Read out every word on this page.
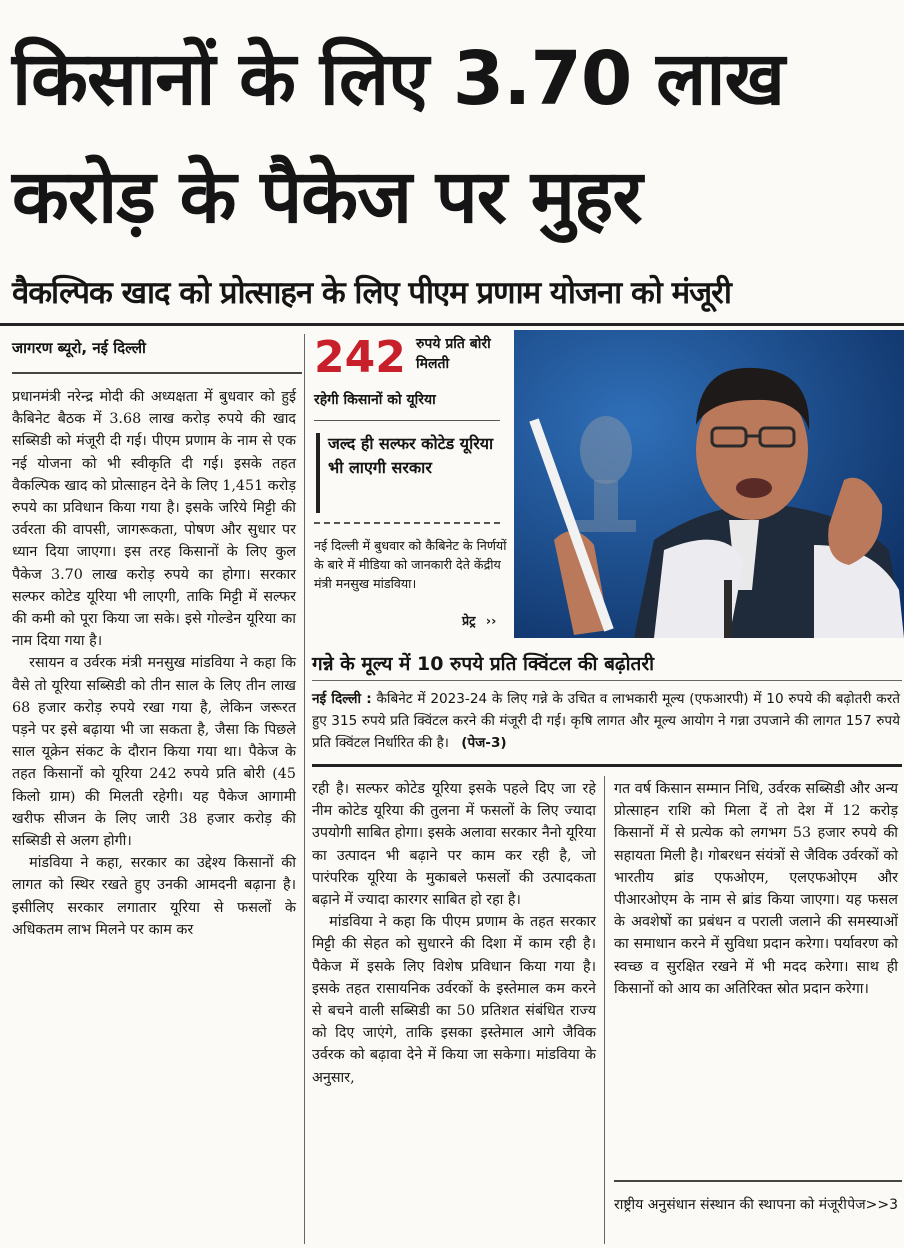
किसानों के लिए 3.70 लाख करोड़ के पैकेज पर मुहर
वैकल्पिक खाद को प्रोत्साहन के लिए पीएम प्रणाम योजना को मंजूरी
जागरण ब्यूरो, नई दिल्ली

प्रधानमंत्री नरेन्द्र मोदी की अध्यक्षता में बुधवार को हुई कैबिनेट बैठक में 3.68 लाख करोड़ रुपये की खाद सब्सिडी को मंजूरी दी गई। पीएम प्रणाम के नाम से एक नई योजना को भी स्वीकृति दी गई। इसके तहत वैकल्पिक खाद को प्रोत्साहन देने के लिए 1,451 करोड़ रुपये का प्रविधान किया गया है। इसके जरिये मिट्टी की उर्वरता की वापसी, जागरूकता, पोषण और सुधार पर ध्यान दिया जाएगा। इस तरह किसानों के लिए कुल पैकेज 3.70 लाख करोड़ रुपये का होगा। सरकार सल्फर कोटेड यूरिया भी लाएगी, ताकि मिट्टी में सल्फर की कमी को पूरा किया जा सके। इसे गोल्डेन यूरिया का नाम दिया गया है।

रसायन व उर्वरक मंत्री मनसुख मांडविया ने कहा कि वैसे तो यूरिया सब्सिडी को तीन साल के लिए तीन लाख 68 हजार करोड़ रुपये रखा गया है, लेकिन जरूरत पड़ने पर इसे बढ़ाया भी जा सकता है, जैसा कि पिछले साल यूक्रेन संकट के दौरान किया गया था। पैकेज के तहत किसानों को यूरिया 242 रुपये प्रति बोरी (45 किलो ग्राम) की मिलती रहेगी। यह पैकेज आगामी खरीफ सीजन के लिए जारी 38 हजार करोड़ की सब्सिडी से अलग होगी।

मांडविया ने कहा, सरकार का उद्देश्य किसानों की लागत को स्थिर रखते हुए उनकी आमदनी बढ़ाना है। इसीलिए सरकार लगातार यूरिया से फसलों के अधिकतम लाभ मिलने पर काम कर

242 रुपये प्रति बोरी मिलती
रहेगी किसानों को यूरिया
जल्द ही सल्फर कोटेड यूरिया भी लाएगी सरकार
नई दिल्ली में बुधवार को कैबिनेट के निर्णयों के बारे में मीडिया को जानकारी देते केंद्रीय मंत्री मनसुख मांडविया।
प्रेट्र ››
गन्ने के मूल्य में 10 रुपये प्रति क्विंटल की बढ़ोतरी
नई दिल्ली : कैबिनेट में 2023-24 के लिए गन्ने के उचित व लाभकारी मूल्य (एफआरपी) में 10 रुपये की बढ़ोतरी करते हुए 315 रुपये प्रति क्विंटल करने की मंजूरी दी गई। कृषि लागत और मूल्य आयोग ने गन्ना उपजाने की लागत 157 रुपये प्रति क्विंटल निर्धारित की है। (पेज-3)

रही है। सल्फर कोटेड यूरिया इसके पहले दिए जा रहे नीम कोटेड यूरिया की तुलना में फसलों के लिए ज्यादा उपयोगी साबित होगा। इसके अलावा सरकार नैनो यूरिया का उत्पादन भी बढ़ाने पर काम कर रही है, जो पारंपरिक यूरिया के मुकाबले फसलों की उत्पादकता बढ़ाने में ज्यादा कारगर साबित हो रहा है।

मांडविया ने कहा कि पीएम प्रणाम के तहत सरकार मिट्टी की सेहत को सुधारने की दिशा में काम रही है। पैकेज में इसके लिए विशेष प्रविधान किया गया है। इसके तहत रासायनिक उर्वरकों के इस्तेमाल कम करने से बचने वाली सब्सिडी का 50 प्रतिशत संबंधित राज्य को दिए जाएंगे, ताकि इसका इस्तेमाल आगे जैविक उर्वरक को बढ़ावा देने में किया जा सकेगा। मांडविया के अनुसार,

गत वर्ष किसान सम्मान निधि, उर्वरक सब्सिडी और अन्य प्रोत्साहन राशि को मिला दें तो देश में 12 करोड़ किसानों में से प्रत्येक को लगभग 53 हजार रुपये की सहायता मिली है। गोबरधन संयंत्रों से जैविक उर्वरकों को भारतीय ब्रांड एफओएम, एलएफओएम और पीआरओएम के नाम से ब्रांड किया जाएगा। यह फसल के अवशेषों का प्रबंधन व पराली जलाने की समस्याओं का समाधान करने में सुविधा प्रदान करेगा। पर्यावरण को स्वच्छ व सुरक्षित रखने में भी मदद करेगा। साथ ही किसानों को आय का अतिरिक्त स्रोत प्रदान करेगा।

राष्ट्रीय अनुसंधान संस्थान की स्थापना को मंजूरी पेज>>3
